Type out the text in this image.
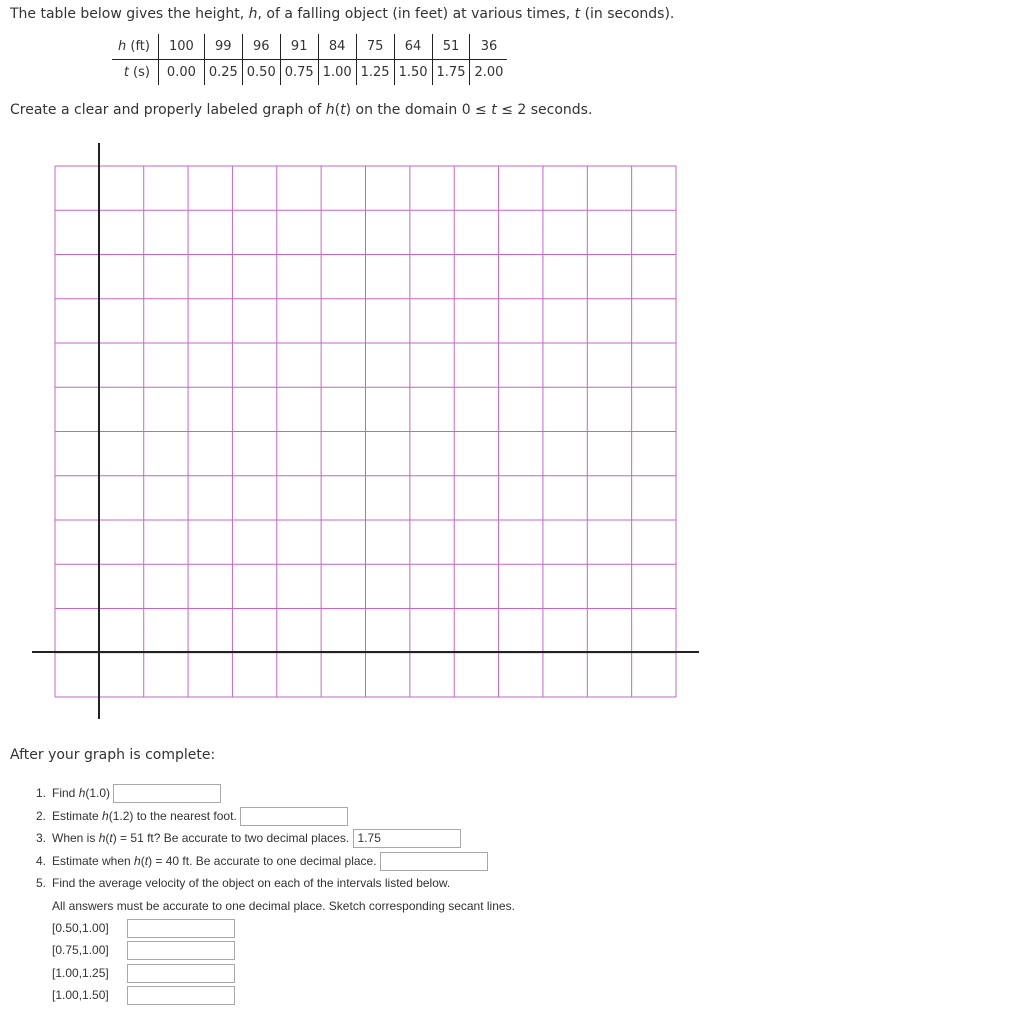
The table below gives the height, h, of a falling object (in feet) at various times, t (in seconds).
h (ft)	100	99	96	91	84	75	64	51	36
t (s)	0.00	0.25	0.50	0.75	1.00	1.25	1.50	1.75	2.00
Create a clear and properly labeled graph of h(t) on the domain 0 ≤ t ≤ 2 seconds.
After your graph is complete:
1. Find h(1.0)
2. Estimate h(1.2) to the nearest foot.
3. When is h(t) = 51 ft? Be accurate to two decimal places. 1.75
4. Estimate when h(t) = 40 ft. Be accurate to one decimal place.
5. Find the average velocity of the object on each of the intervals listed below.
All answers must be accurate to one decimal place. Sketch corresponding secant lines.
[0.50,1.00]
[0.75,1.00]
[1.00,1.25]
[1.00,1.50]
